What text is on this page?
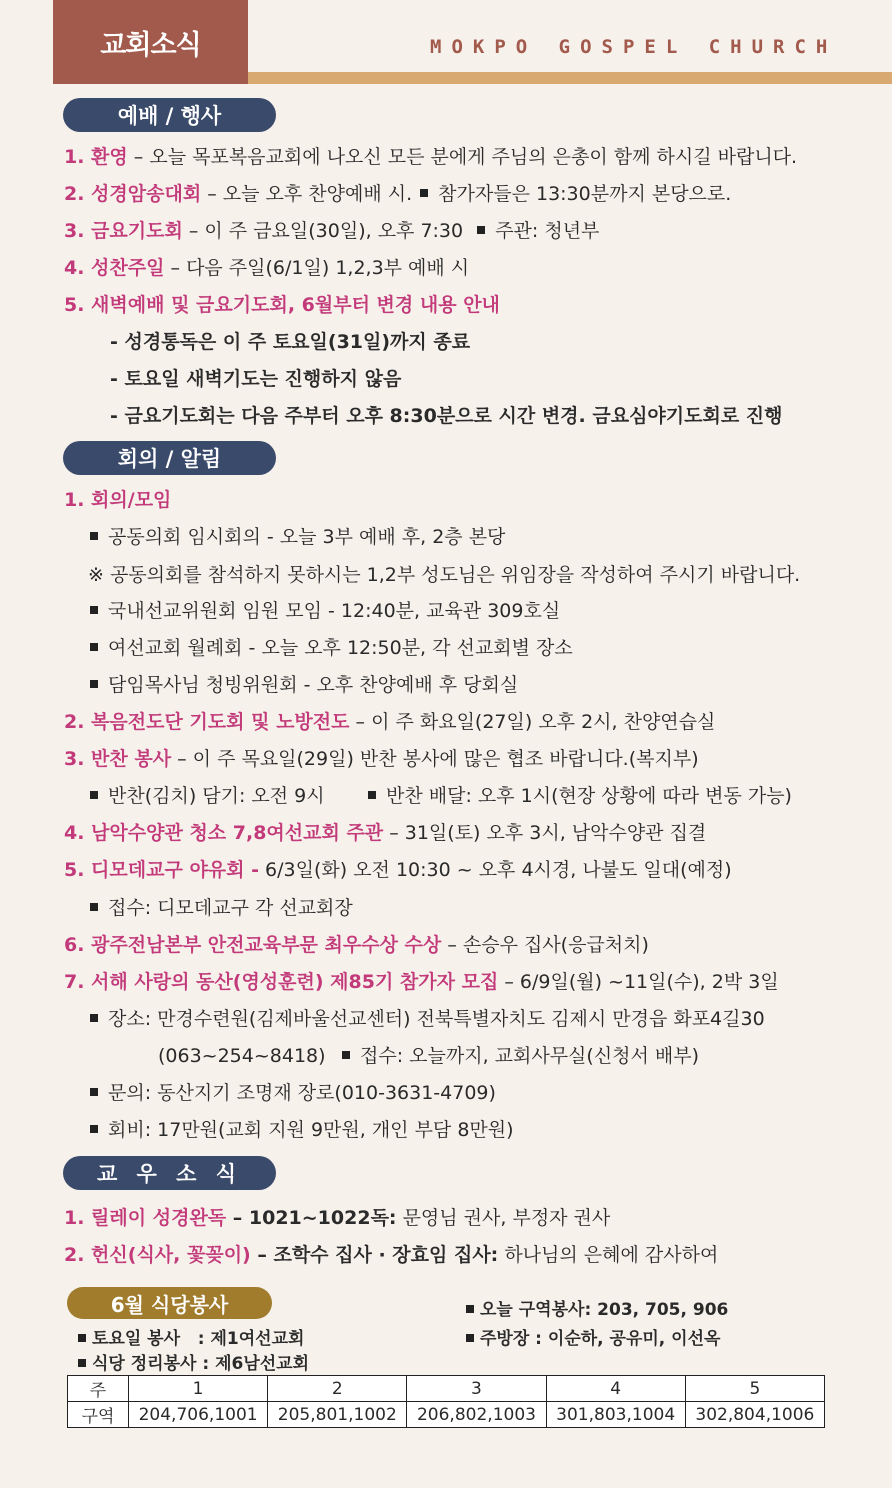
교회소식	MOKPO GOSPEL CHURCH
예배 / 행사
1. 환영 – 오늘 목포복음교회에 나오신 모든 분에게 주님의 은총이 함께 하시길 바랍니다.
2. 성경암송대회 – 오늘 오후 찬양예배 시. 참가자들은 13:30분까지 본당으로.
3. 금요기도회 – 이 주 금요일(30일), 오후 7:30 주관: 청년부
4. 성찬주일 – 다음 주일(6/1일) 1,2,3부 예배 시
5. 새벽예배 및 금요기도회, 6월부터 변경 내용 안내
- 성경통독은 이 주 토요일(31일)까지 종료
- 토요일 새벽기도는 진행하지 않음
- 금요기도회는 다음 주부터 오후 8:30분으로 시간 변경. 금요심야기도회로 진행
회의 / 알림
1. 회의/모임
공동의회 임시회의 - 오늘 3부 예배 후, 2층 본당
※ 공동의회를 참석하지 못하시는 1,2부 성도님은 위임장을 작성하여 주시기 바랍니다.
국내선교위원회 임원 모임 - 12:40분, 교육관 309호실
여선교회 월례회 - 오늘 오후 12:50분, 각 선교회별 장소
담임목사님 청빙위원회 - 오후 찬양예배 후 당회실
2. 복음전도단 기도회 및 노방전도 – 이 주 화요일(27일) 오후 2시, 찬양연습실
3. 반찬 봉사 – 이 주 목요일(29일) 반찬 봉사에 많은 협조 바랍니다.(복지부)
반찬(김치) 담기: 오전 9시	반찬 배달: 오후 1시(현장 상황에 따라 변동 가능)
4. 남악수양관 청소 7,8여선교회 주관 – 31일(토) 오후 3시, 남악수양관 집결
5. 디모데교구 야유회 - 6/3일(화) 오전 10:30 ~ 오후 4시경, 나불도 일대(예정)
접수: 디모데교구 각 선교회장
6. 광주전남본부 안전교육부문 최우수상 수상 – 손승우 집사(응급처치)
7. 서해 사랑의 동산(영성훈련) 제85기 참가자 모집 – 6/9일(월) ~11일(수), 2박 3일
장소: 만경수련원(김제바울선교센터) 전북특별자치도 김제시 만경읍 화포4길30
(063~254~8418)	접수: 오늘까지, 교회사무실(신청서 배부)
문의: 동산지기 조명재 장로(010-3631-4709)
회비: 17만원(교회 지원 9만원, 개인 부담 8만원)
교 우 소 식
1. 릴레이 성경완독 – 1021~1022독: 문영님 권사, 부정자 권사
2. 헌신(식사, 꽃꽂이) – 조학수 집사 · 장효임 집사: 하나님의 은혜에 감사하여
6월 식당봉사
토요일 봉사   : 제1여선교회
식당 정리봉사 : 제6남선교회
오늘 구역봉사: 203, 705, 906
주방장 : 이순하, 공유미, 이선옥
주	1	2	3	4	5
구역	204,706,1001	205,801,1002	206,802,1003	301,803,1004	302,804,1006
